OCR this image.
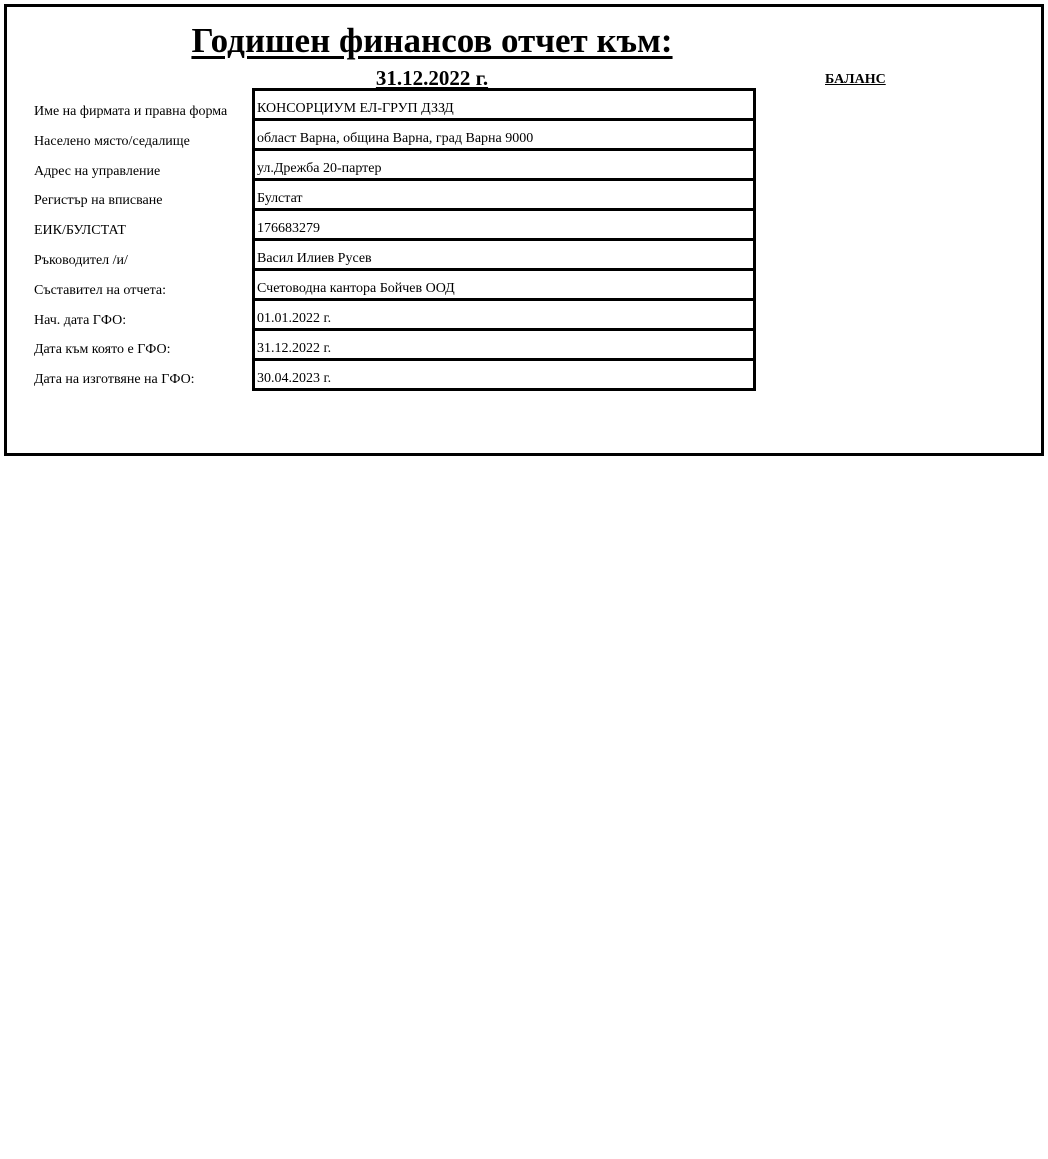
Годишен финансов отчет към:
31.12.2022 г.	БАЛАНС
Име на фирмата и правна форма
Населено място/седалище
Адрес на управление
Регистър на вписване
ЕИК/БУЛСТАТ
Ръководител /и/
Съставител на отчета:
Нач. дата ГФО:
Дата към която е ГФО:
Дата на изготвяне на ГФО:
КОНСОРЦИУМ ЕЛ-ГРУП ДЗЗД
област Варна, община Варна, град Варна 9000
ул.Дрежба 20-партер
Булстат
176683279
Васил Илиев Русев
Счетоводна кантора Бойчев ООД
01.01.2022 г.
31.12.2022 г.
30.04.2023 г.
